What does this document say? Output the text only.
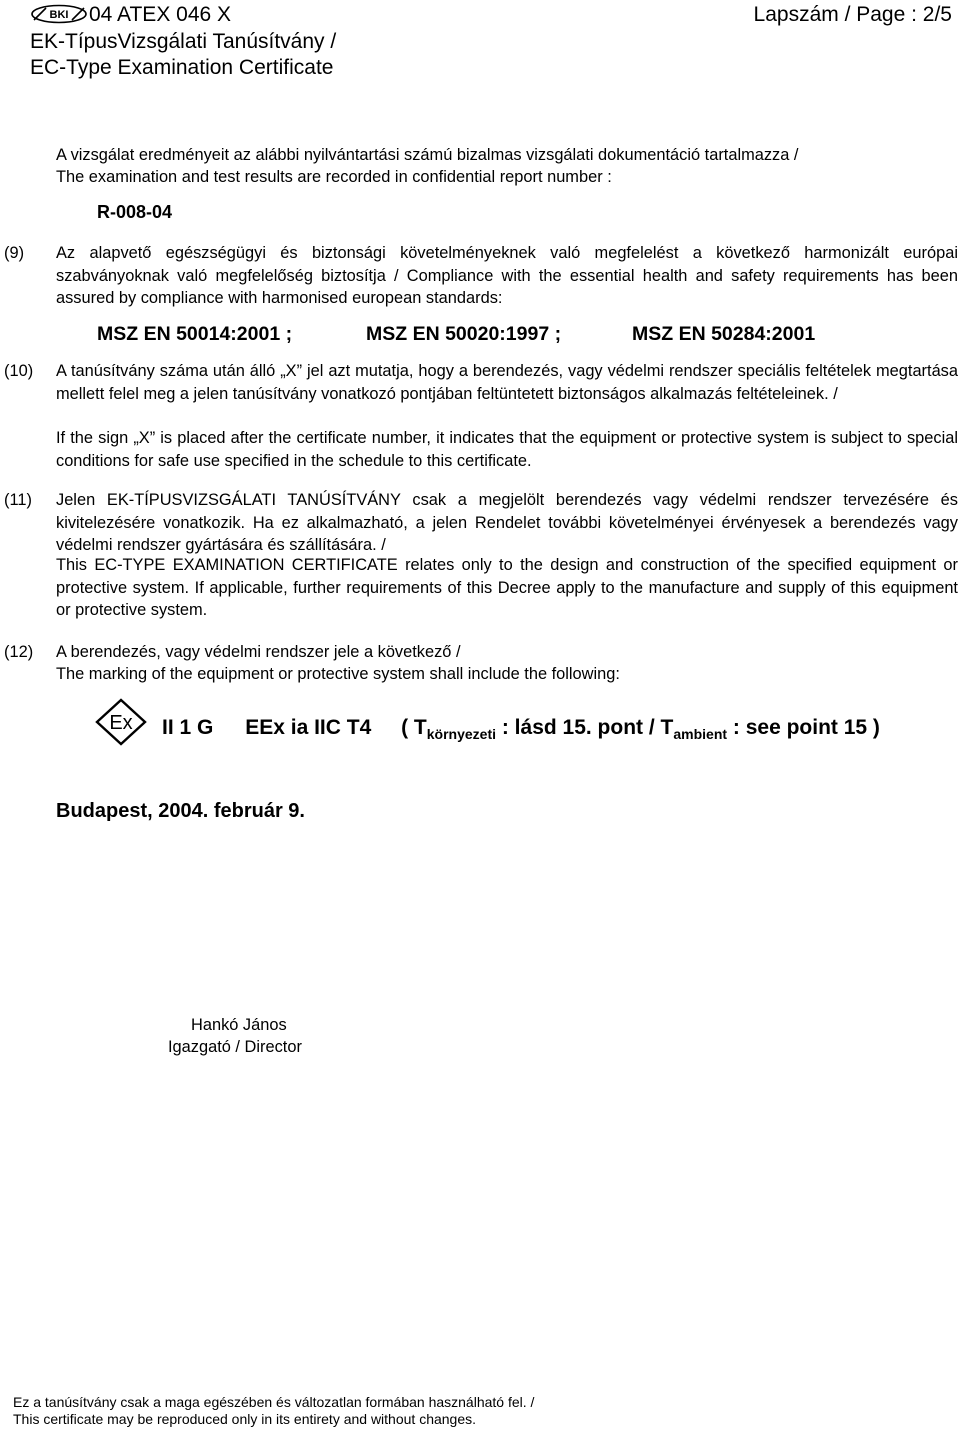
BKI 04 ATEX 046 X	Lapszám / Page : 2/5
EK-TípusVizsgálati Tanúsítvány /
EC-Type Examination Certificate
A vizsgálat eredményeit az alábbi nyilvántartási számú bizalmas vizsgálati dokumentáció tartalmazza /
The examination and test results are recorded in confidential report number :
R-008-04
(9) Az alapvető egészségügyi és biztonsági követelményeknek való megfelelést a következő harmonizált európai szabványoknak való megfelelőség biztosítja / Compliance with the essential health and safety requirements has been assured by compliance with harmonised european standards:
MSZ EN 50014:2001 ;	MSZ EN 50020:1997 ;	MSZ EN 50284:2001
(10) A tanúsítvány száma után álló „X” jel azt mutatja, hogy a berendezés, vagy védelmi rendszer speciális feltételek megtartása mellett felel meg a jelen tanúsítvány vonatkozó pontjában feltüntetett biztonságos alkalmazás feltételeinek. /
If the sign „X” is placed after the certificate number, it indicates that the equipment or protective system is subject to special conditions for safe use specified in the schedule to this certificate.
(11) Jelen EK-TÍPUSVIZSGÁLATI TANÚSÍTVÁNY csak a megjelölt berendezés vagy védelmi rendszer tervezésére és kivitelezésére vonatkozik. Ha ez alkalmazható, a jelen Rendelet további követelményei érvényesek a berendezés vagy védelmi rendszer gyártására és szállítására. /
This EC-TYPE EXAMINATION CERTIFICATE relates only to the design and construction of the specified equipment or protective system. If applicable, further requirements of this Decree apply to the manufacture and supply of this equipment or protective system.
(12) A berendezés, vagy védelmi rendszer jele a következő /
The marking of the equipment or protective system shall include the following:
Ex II 1 G EEx ia IIC T4 ( $T_{környezeti}$ : lásd 15. pont / $T_{ambient}$ : see point 15 )
Budapest, 2004. február 9.
Hankó János
Igazgató / Director
Ez a tanúsítvány csak a maga egészében és változatlan formában használható fel. /
This certificate may be reproduced only in its entirety and without changes.
